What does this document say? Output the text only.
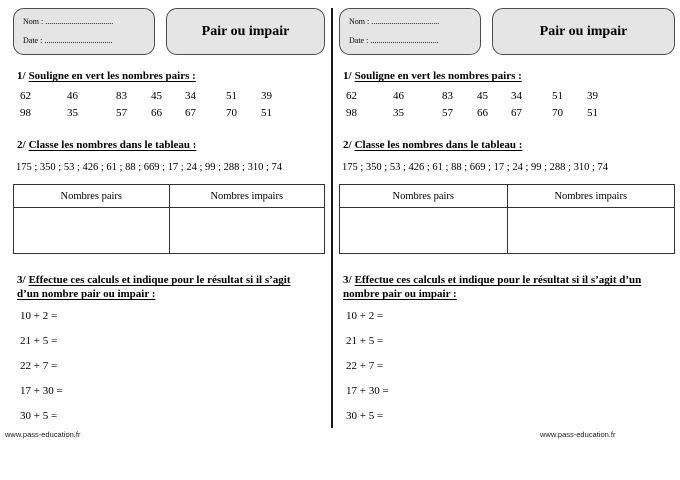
Nom : ..................................
Date : ..................................
Pair ou impair
1/ Souligne en vert les nombres pairs :
62	46	83	45	34	51	39
98	35	57	66	67	70	51
2/ Classe les nombres dans le tableau :
175 ; 350 ; 53 ; 426 ; 61 ; 88 ; 669 ; 17 ; 24 ; 99 ; 288 ; 310 ; 74
Nombres pairs	Nombres impairs

3/ Effectue ces calculs et indique pour le résultat si il s’agit
d’un nombre pair ou impair :
10 + 2 =
21 + 5 =
22 + 7 =
17 + 30 =
30 + 5 =
Nom : ..................................
Date : ..................................
Pair ou impair
1/ Souligne en vert les nombres pairs :
62	46	83	45	34	51	39
98	35	57	66	67	70	51
2/ Classe les nombres dans le tableau :
175 ; 350 ; 53 ; 426 ; 61 ; 88 ; 669 ; 17 ; 24 ; 99 ; 288 ; 310 ; 74
Nombres pairs	Nombres impairs

3/ Effectue ces calculs et indique pour le résultat si il s’agit d’un
nombre pair ou impair :
10 + 2 =
21 + 5 =
22 + 7 =
17 + 30 =
30 + 5 =
www.pass-education.fr	www.pass-education.fr
